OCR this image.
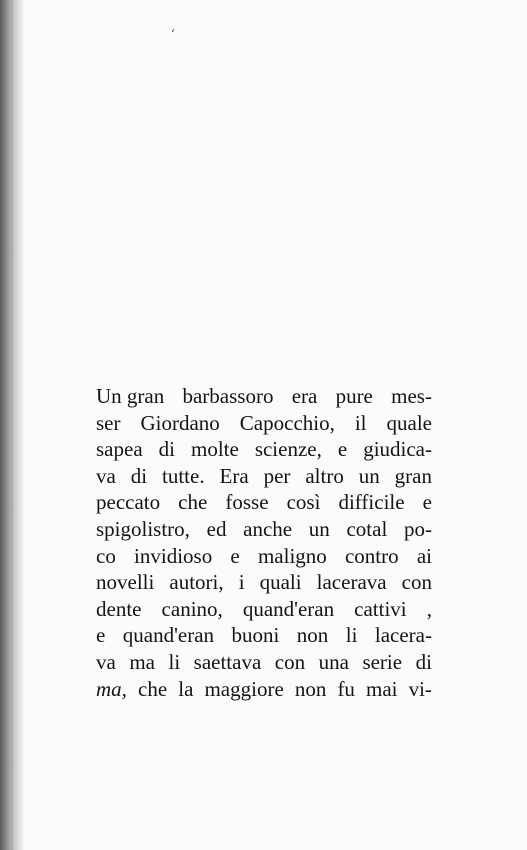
ʻ
Un gran barbassoro era pure mes-
ser Giordano Capocchio, il quale
sapea di molte scienze, e giudica-
va di tutte. Era per altro un gran
peccato che fosse così difficile e
spigolistro, ed anche un cotal po-
co invidioso e maligno contro ai
novelli autori, i quali lacerava con
dente canino, quand'eran cattivi ,
e quand'eran buoni non li lacera-
va ma li saettava con una serie di
ma, che la maggiore non fu mai vi-
